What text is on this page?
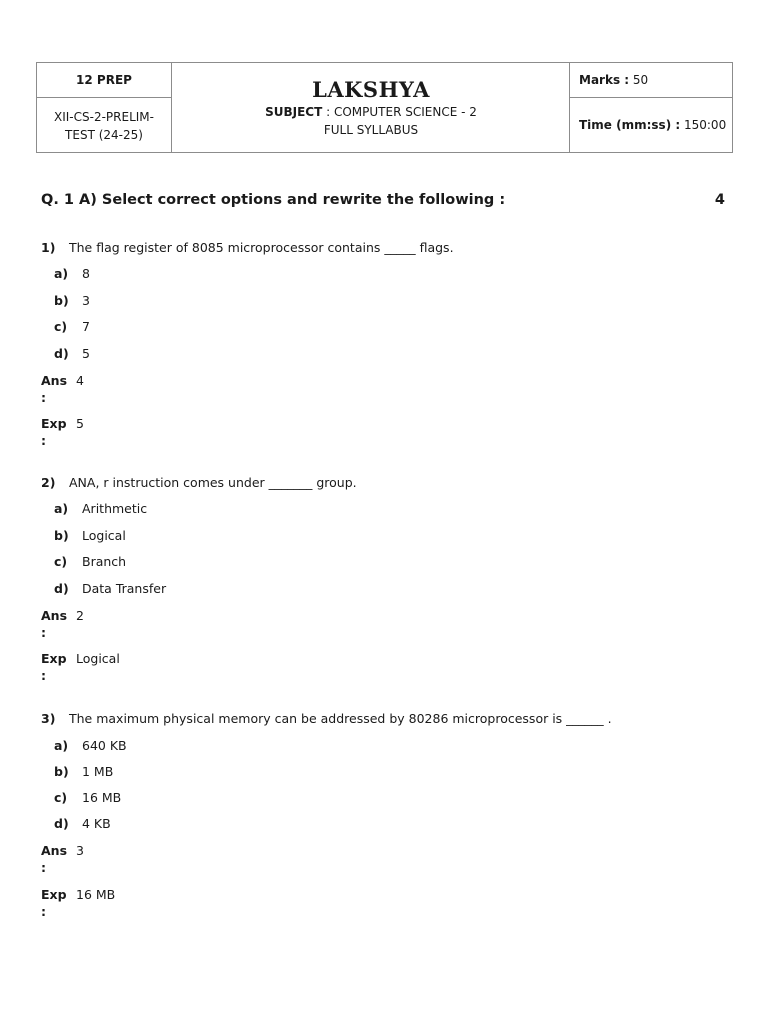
12 PREP
XII-CS-2-PRELIM-TEST (24-25)
LAKSHYA
SUBJECT : COMPUTER SCIENCE - 2
FULL SYLLABUS
Marks :
50
Time (mm:ss) :
150:00
Q. 1 A) Select correct options and rewrite the following :	4
1) The flag register of 8085 microprocessor contains _____ flags.
a) 8
b) 3
c) 7
d) 5
Ans
:
4
Exp
:
5
2) ANA, r instruction comes under _______ group.
a) Arithmetic
b) Logical
c) Branch
d) Data Transfer
Ans
:
2
Exp
:
Logical
3) The maximum physical memory can be addressed by 80286 microprocessor is ______ .
a) 640 KB
b) 1 MB
c) 16 MB
d) 4 KB
Ans
:
3
Exp
:
16 MB
